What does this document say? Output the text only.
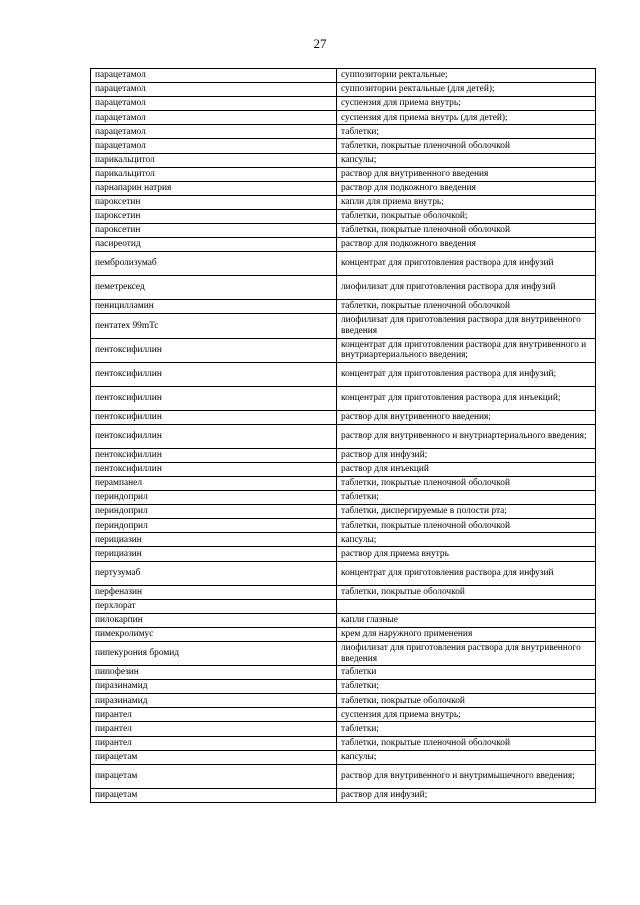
27
парацетамол	суппозитории ректальные;
парацетамол	суппозитории ректальные (для детей);
парацетамол	суспензия для приема внутрь;
парацетамол	суспензия для приема внутрь (для детей);
парацетамол	таблетки;
парацетамол	таблетки, покрытые пленочной оболочкой
парикальцитол	капсулы;
парикальцитол	раствор для внутривенного введения
парнапарин натрия	раствор для подкожного введения
пароксетин	капли для приема внутрь;
пароксетин	таблетки, покрытые оболочкой;
пароксетин	таблетки, покрытые пленочной оболочкой
пасиреотид	раствор для подкожного введения
пембролизумаб	концентрат для приготовления раствора для инфузий
пеметрексед	лиофилизат для приготовления раствора для инфузий
пеницилламин	таблетки, покрытые пленочной оболочкой
пентатех 99mTc	лиофилизат для приготовления раствора для внутривенного введения
пентоксифиллин	концентрат для приготовления раствора для внутривенного и внутриартериального введения;
пентоксифиллин	концентрат для приготовления раствора для инфузий;
пентоксифиллин	концентрат для приготовления раствора для инъекций;
пентоксифиллин	раствор для внутривенного введения;
пентоксифиллин	раствор для внутривенного и внутриартериального введения;
пентоксифиллин	раствор для инфузий;
пентоксифиллин	раствор для инъекций
перампанел	таблетки, покрытые пленочной оболочкой
периндоприл	таблетки;
периндоприл	таблетки, диспергируемые в полости рта;
периндоприл	таблетки, покрытые пленочной оболочкой
перициазин	капсулы;
перициазин	раствор для приема внутрь
пертузумаб	концентрат для приготовления раствора для инфузий
перфеназин	таблетки, покрытые оболочкой
перхлорат	
пилокарпин	капли глазные
пимекролимус	крем для наружного применения
пипекурония бромид	лиофилизат для приготовления раствора для внутривенного введения
пипофезин	таблетки
пиразинамид	таблетки;
пиразинамид	таблетки, покрытые оболочкой
пирантел	суспензия для приема внутрь;
пирантел	таблетки;
пирантел	таблетки, покрытые пленочной оболочкой
пирацетам	капсулы;
пирацетам	раствор для внутривенного и внутримышечного введения;
пирацетам	раствор для инфузий;
